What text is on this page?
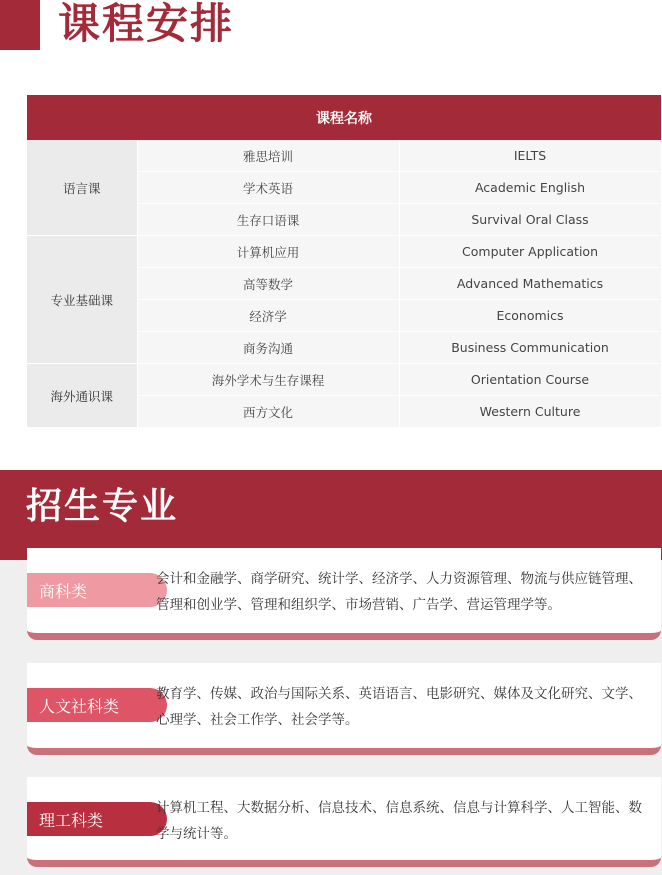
课程安排
课程名称		
语言课	雅思培训	IELTS
	学术英语	Academic English
	生存口语课	Survival Oral Class
专业基础课	计算机应用	Computer Application
	高等数学	Advanced Mathematics
	经济学	Economics
	商务沟通	Business Communication
海外通识课	海外学术与生存课程	Orientation Course
	西方文化	Western Culture
招生专业
商科类

会计和金融学、商学研究、统计学、经济学、人力资源管理、物流与供应链管理、管理和创业学、管理和组织学、市场营销、广告学、营运管理学等。

人文社科类

教育学、传媒、政治与国际关系、英语语言、电影研究、媒体及文化研究、文学、心理学、社会工作学、社会学等。

理工科类

计算机工程、大数据分析、信息技术、信息系统、信息与计算科学、人工智能、数学与统计等。
